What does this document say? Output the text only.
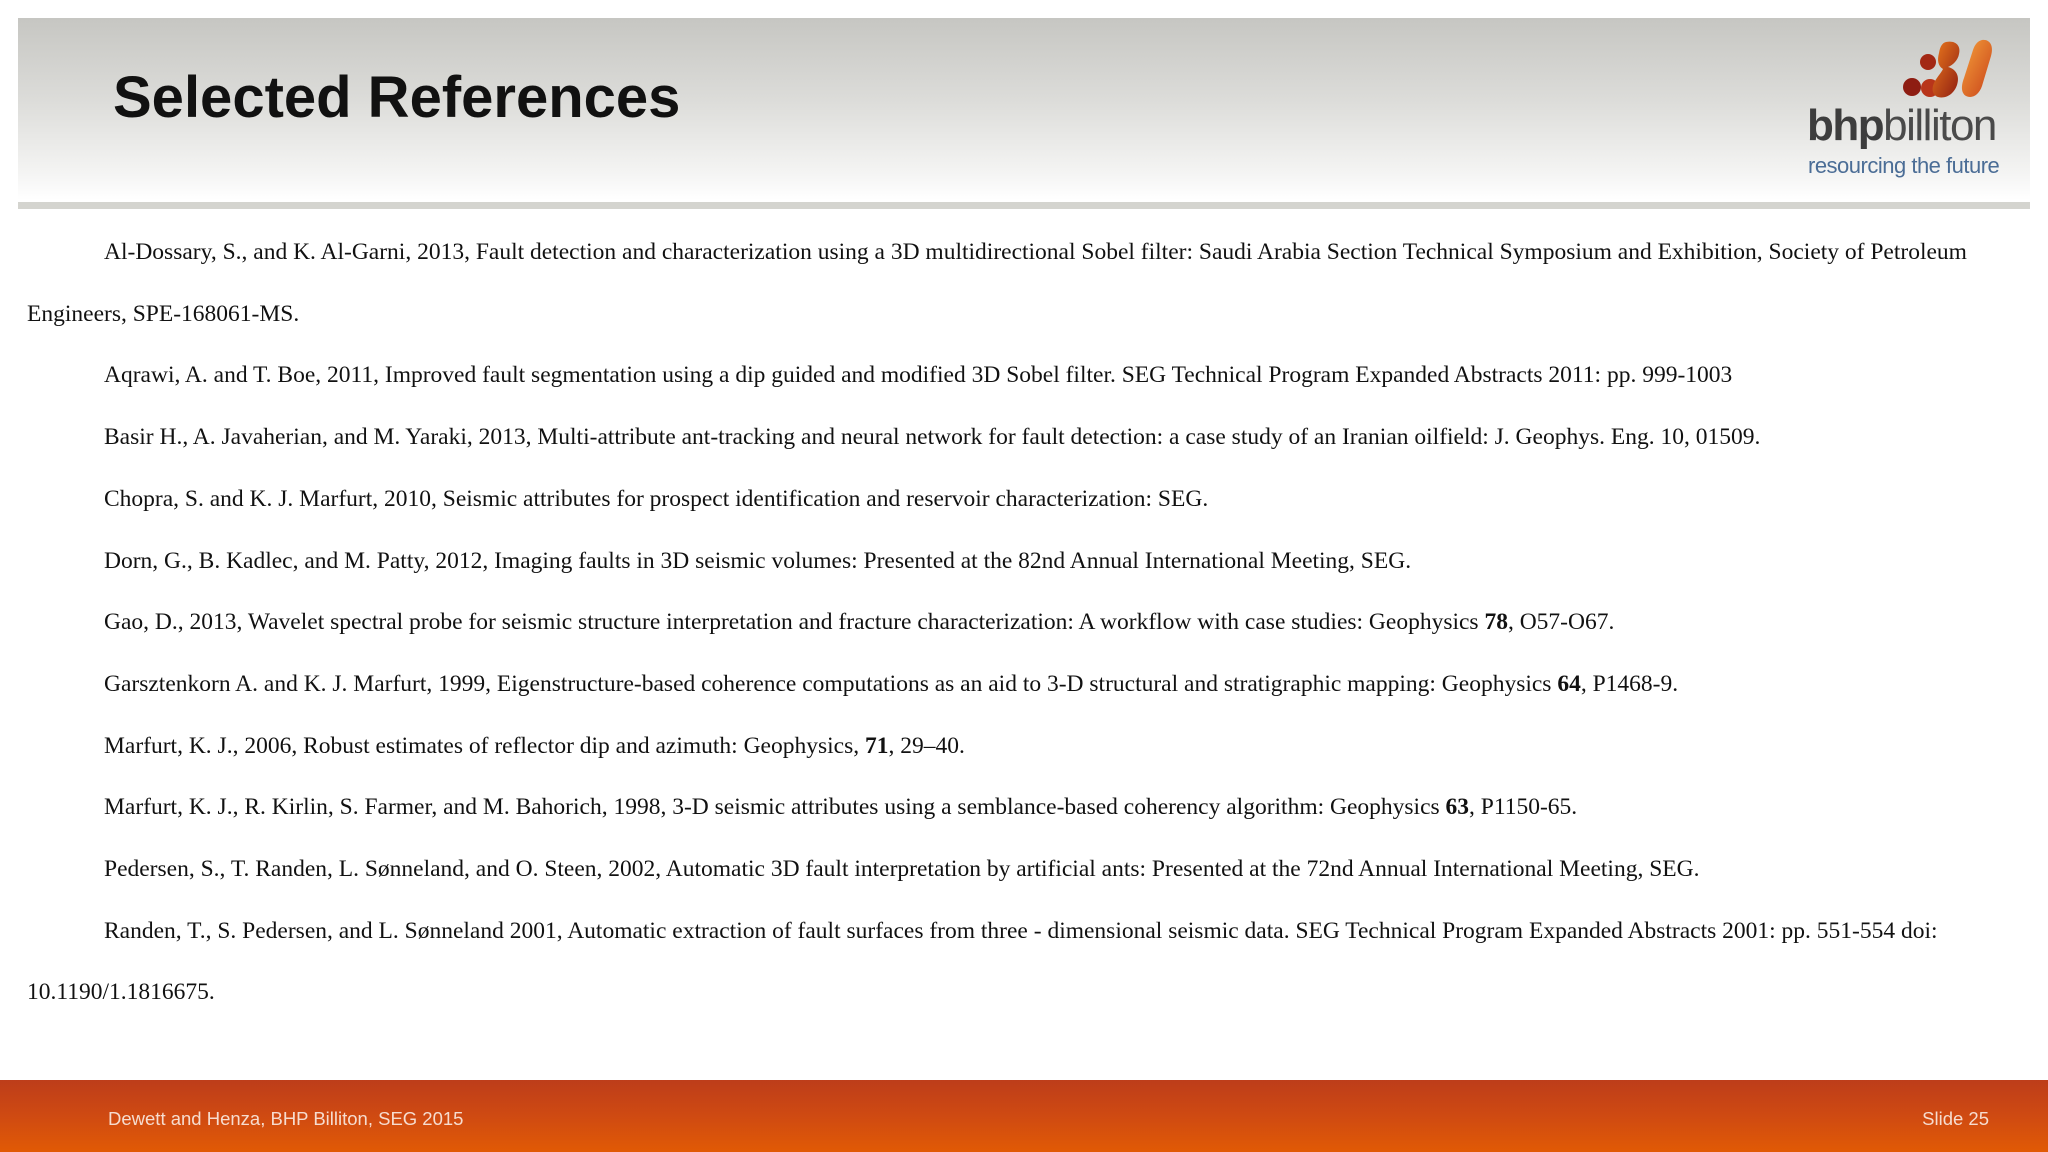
Selected References	bhpbilliton
resourcing the future

Al-Dossary, S., and K. Al-Garni, 2013, Fault detection and characterization using a 3D multidirectional Sobel filter: Saudi Arabia Section Technical Symposium and Exhibition, Society of Petroleum Engineers, SPE-168061-MS.

Aqrawi, A. and T. Boe, 2011, Improved fault segmentation using a dip guided and modified 3D Sobel filter. SEG Technical Program Expanded Abstracts 2011: pp. 999-1003

Basir H., A. Javaherian, and M. Yaraki, 2013, Multi-attribute ant-tracking and neural network for fault detection: a case study of an Iranian oilfield: J. Geophys. Eng. 10, 01509.

Chopra, S. and K. J. Marfurt, 2010, Seismic attributes for prospect identification and reservoir characterization: SEG.

Dorn, G., B. Kadlec, and M. Patty, 2012, Imaging faults in 3D seismic volumes: Presented at the 82nd Annual International Meeting, SEG.

Gao, D., 2013, Wavelet spectral probe for seismic structure interpretation and fracture characterization: A workflow with case studies: Geophysics 78, O57-O67.

Garsztenkorn A. and K. J. Marfurt, 1999, Eigenstructure-based coherence computations as an aid to 3-D structural and stratigraphic mapping: Geophysics 64, P1468-9.

Marfurt, K. J., 2006, Robust estimates of reflector dip and azimuth: Geophysics, 71, 29–40.

Marfurt, K. J., R. Kirlin, S. Farmer, and M. Bahorich, 1998, 3-D seismic attributes using a semblance-based coherency algorithm: Geophysics 63, P1150-65.

Pedersen, S., T. Randen, L. Sønneland, and O. Steen, 2002, Automatic 3D fault interpretation by artificial ants: Presented at the 72nd Annual International Meeting, SEG.

Randen, T., S. Pedersen, and L. Sønneland 2001, Automatic extraction of fault surfaces from three ‐ dimensional seismic data. SEG Technical Program Expanded Abstracts 2001: pp. 551-554 doi: 10.1190/1.1816675.

Dewett and Henza, BHP Billiton, SEG 2015	Slide 25
